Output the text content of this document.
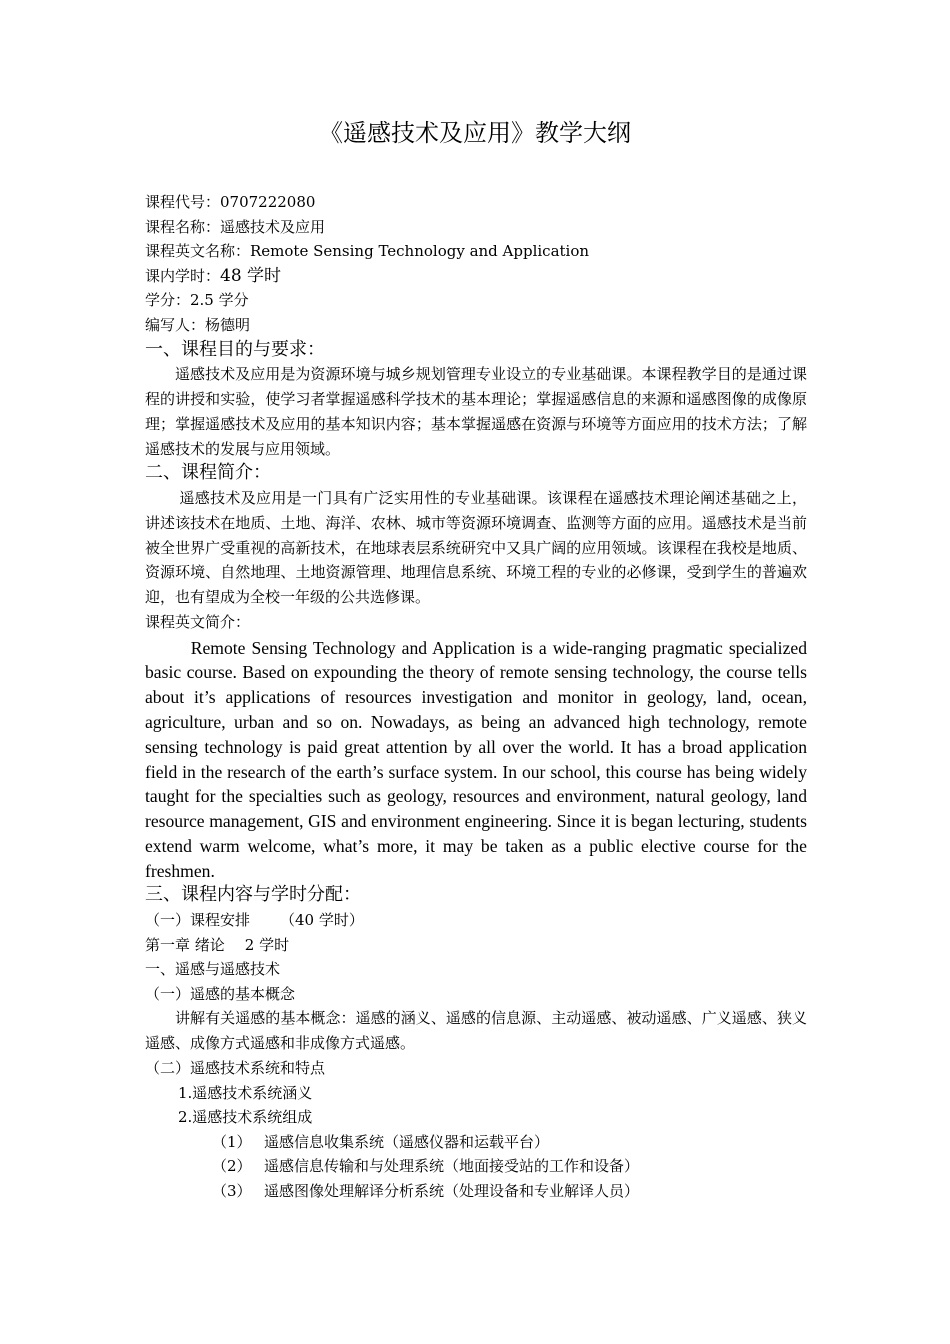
《遥感技术及应用》教学大纲
课程代号：0707222080
课程名称：遥感技术及应用
课程英文名称：Remote Sensing Technology and Application
课内学时：48 学时
学分：2.5 学分
编写人：杨德明
一、课程目的与要求：
遥感技术及应用是为资源环境与城乡规划管理专业设立的专业基础课。本课程教学目的是通过课程的讲授和实验，使学习者掌握遥感科学技术的基本理论；掌握遥感信息的来源和遥感图像的成像原理；掌握遥感技术及应用的基本知识内容；基本掌握遥感在资源与环境等方面应用的技术方法；了解遥感技术的发展与应用领域。
二、课程简介：
遥感技术及应用是一门具有广泛实用性的专业基础课。该课程在遥感技术理论阐述基础之上，讲述该技术在地质、土地、海洋、农林、城市等资源环境调查、监测等方面的应用。遥感技术是当前被全世界广受重视的高新技术，在地球表层系统研究中又具广阔的应用领域。该课程在我校是地质、资源环境、自然地理、土地资源管理、地理信息系统、环境工程的专业的必修课，受到学生的普遍欢迎，也有望成为全校一年级的公共选修课。
课程英文简介：
Remote Sensing Technology and Application is a wide-ranging pragmatic specialized basic course. Based on expounding the theory of remote sensing technology, the course tells about it’s applications of resources investigation and monitor in geology, land, ocean, agriculture, urban and so on. Nowadays, as being an advanced high technology, remote sensing technology is paid great attention by all over the world. It has a broad application field in the research of the earth’s surface system. In our school, this course has being widely taught for the specialties such as geology, resources and environment, natural geology, land resource management, GIS and environment engineering. Since it is began lecturing, students extend warm welcome, what’s more, it may be taken as a public elective course for the freshmen.
三、课程内容与学时分配：
（一）课程安排 （40 学时）
第一章 绪论 2 学时
一、遥感与遥感技术
（一）遥感的基本概念
讲解有关遥感的基本概念：遥感的涵义、遥感的信息源、主动遥感、被动遥感、广义遥感、狭义遥感、成像方式遥感和非成像方式遥感。
（二）遥感技术系统和特点
1.遥感技术系统涵义
2.遥感技术系统组成
（1） 遥感信息收集系统（遥感仪器和运载平台）
（2） 遥感信息传输和与处理系统（地面接受站的工作和设备）
（3） 遥感图像处理解译分析系统（处理设备和专业解译人员）
